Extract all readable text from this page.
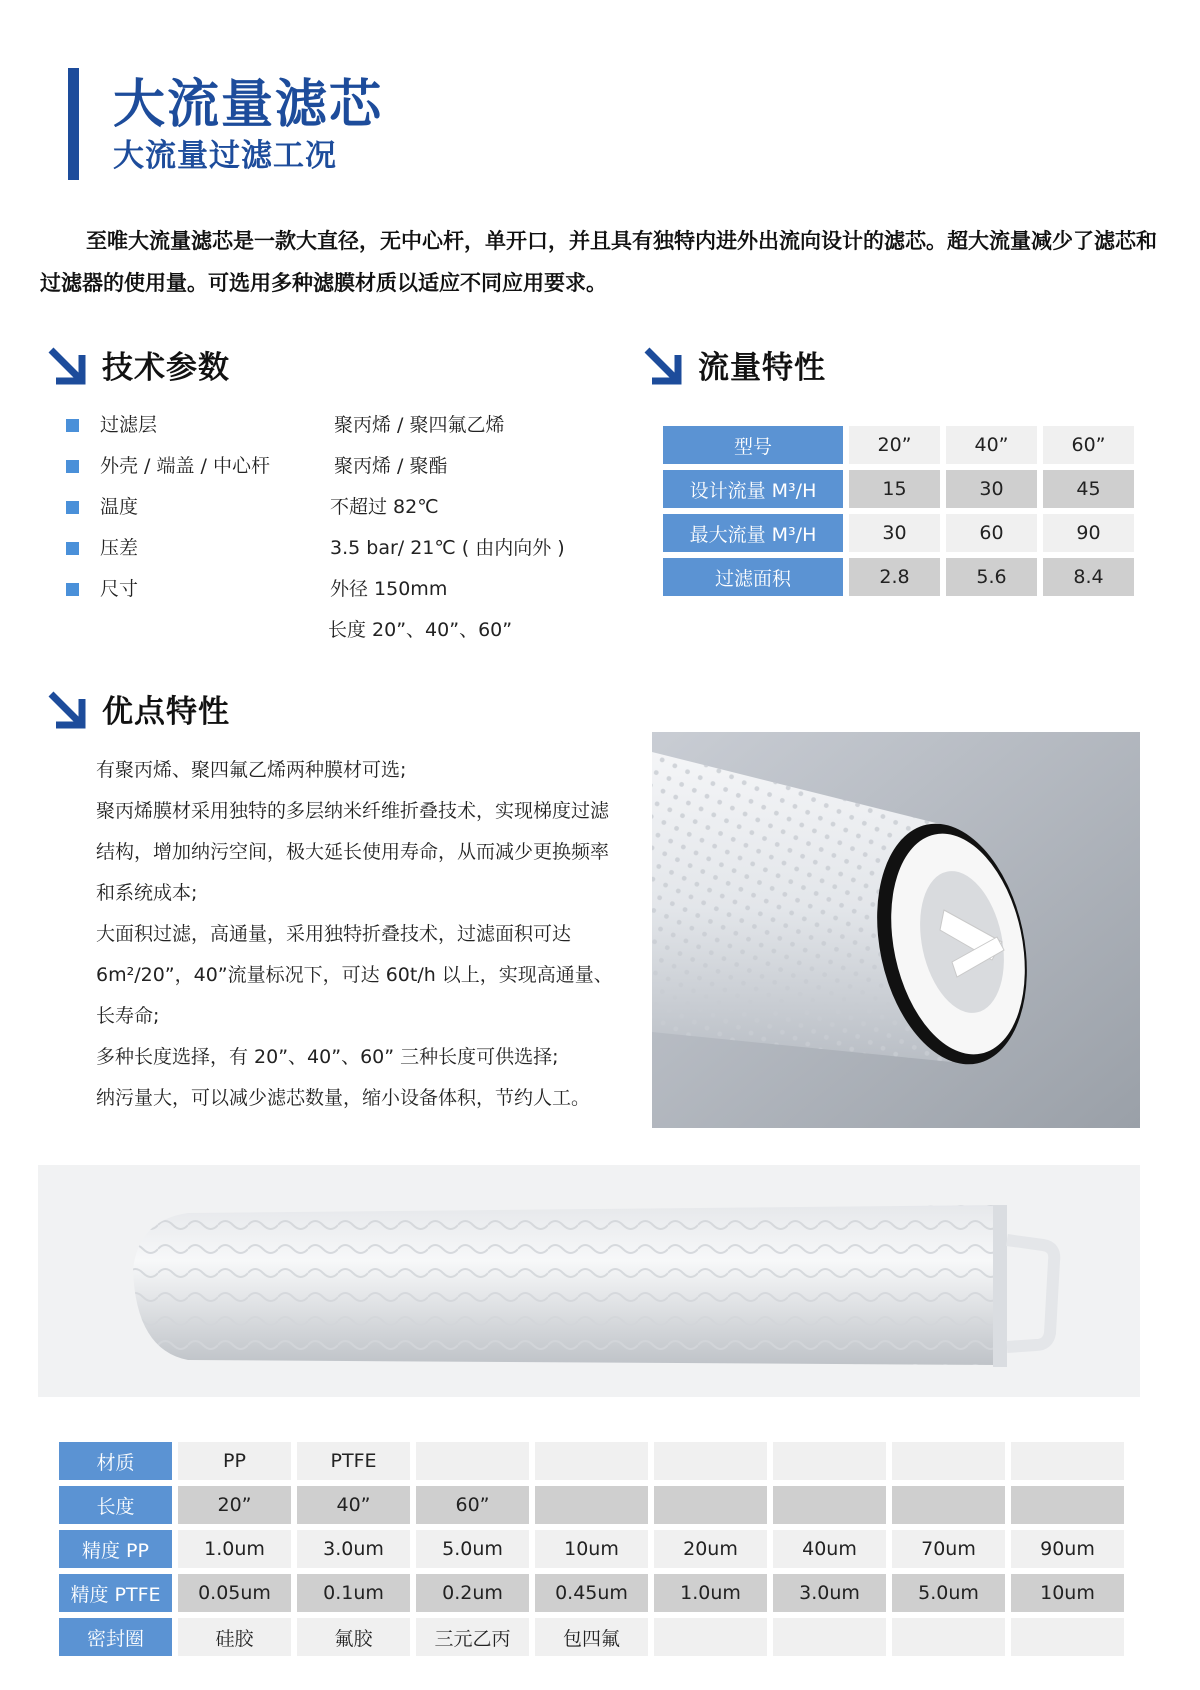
大流量滤芯
大流量过滤工况

至唯大流量滤芯是一款大直径，无中心杆，单开口，并且具有独特内进外出流向设计的滤芯。超大流量减少了滤芯和过滤器的使用量。可选用多种滤膜材质以适应不同应用要求。

技术参数	流量特性
优点特性
过滤层	聚丙烯 / 聚四氟乙烯
外壳 / 端盖 / 中心杆	聚丙烯 / 聚酯
温度	不超过 82℃
压差	3.5 bar/ 21℃ ( 由内向外 )
尺寸	外径 150mm
长度 20”、40”、60”
型号	20”	40”	60”
设计流量 M³/H	15	30	45
最大流量 M³/H	30	60	90
过滤面积	2.8	5.6	8.4

有聚丙烯、聚四氟乙烯两种膜材可选;

聚丙烯膜材采用独特的多层纳米纤维折叠技术，实现梯度过滤结构，增加纳污空间，极大延长使用寿命，从而减少更换频率和系统成本;

大面积过滤，高通量，采用独特折叠技术，过滤面积可达6m²/20”，40”流量标况下，可达 60t/h 以上，实现高通量、长寿命;

多种长度选择，有 20”、40”、60” 三种长度可供选择;

纳污量大，可以减少滤芯数量，缩小设备体积，节约人工。

材质	PP	PTFE						
长度	20”	40”	60”					
精度 PP	1.0um	3.0um	5.0um	10um	20um	40um	70um	90um
精度 PTFE	0.05um	0.1um	0.2um	0.45um	1.0um	3.0um	5.0um	10um
密封圈	硅胶	氟胶	三元乙丙	包四氟				
